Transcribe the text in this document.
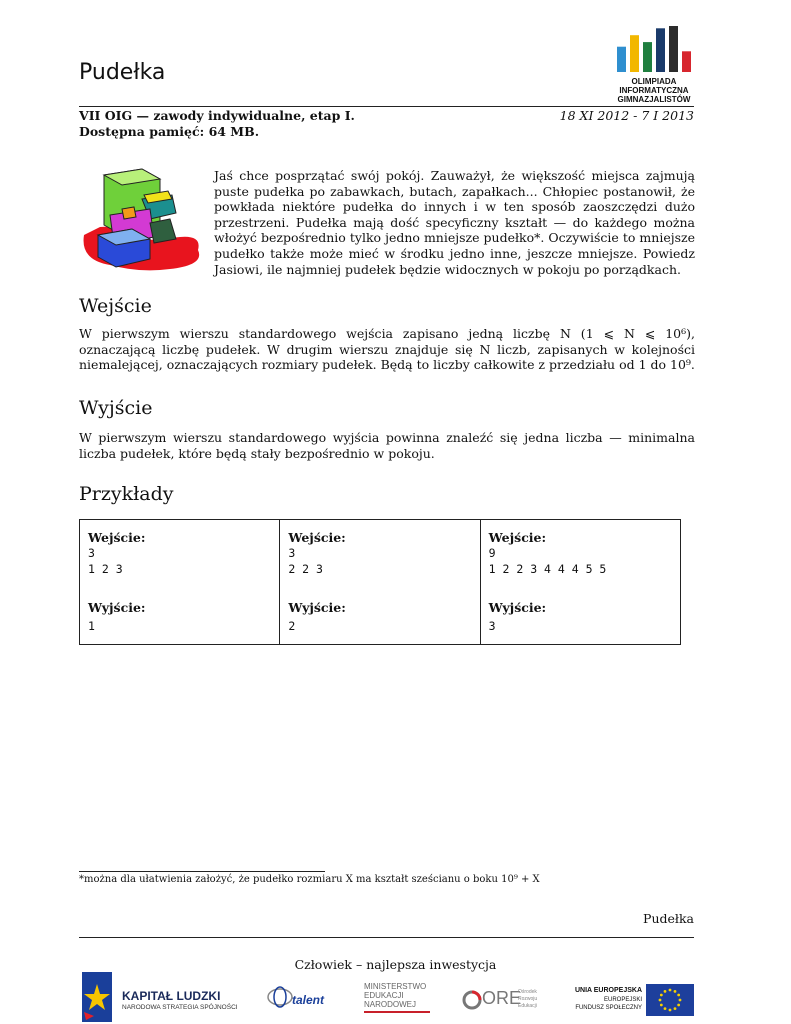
Pudełka	OLIMPIADA
INFORMATYCZNA
GIMNAZJALISTÓW
VII OIG — zawody indywidualne, etap I.	18 XI 2012 - 7 I 2013
Dostępna pamięć: 64 MB.
Jaś chce posprzątać swój pokój. Zauważył, że większość miejsca zajmują puste pudełka po zabawkach, butach, zapałkach... Chłopiec postanowił, że powkłada niektóre pudełka do innych i w ten sposób zaoszczędzi dużo przestrzeni. Pudełka mają dość specyficzny kształt — do każdego można włożyć bezpośrednio tylko jedno mniejsze pudełko*. Oczywiście to mniejsze pudełko także może mieć w środku jedno inne, jeszcze mniejsze. Powiedz Jasiowi, ile najmniej pudełek będzie widocznych w pokoju po porządkach.
Wejście
W pierwszym wierszu standardowego wejścia zapisano jedną liczbę N (1 ⩽ N ⩽ 10⁶), oznaczającą liczbę pudełek. W drugim wierszu znajduje się N liczb, zapisanych w kolejności niemalejącej, oznaczających rozmiary pudełek. Będą to liczby całkowite z przedziału od 1 do 10⁹.
Wyjście
W pierwszym wierszu standardowego wyjścia powinna znaleźć się jedna liczba — minimalna liczba pudełek, które będą stały bezpośrednio w pokoju.
Przykłady
Wejście:
3
1 2 3
Wyjście:
1
Wejście:
3
2 2 3
Wyjście:
2
Wejście:
9
1 2 2 3 4 4 4 5 5
Wyjście:
3
*można dla ułatwienia założyć, że pudełko rozmiaru X ma kształt sześcianu o boku 10⁹ + X
Pudełka
Człowiek – najlepsza inwestycja
KAPITAŁ LUDZKI
NARODOWA STRATEGIA SPÓJNOŚCI
talent
MINISTERSTWO
EDUKACJI
NARODOWEJ	ORE
Ośrodek
Rozwoju
Edukacji
UNIA EUROPEJSKA
EUROPEJSKI
FUNDUSZ SPOŁECZNY
